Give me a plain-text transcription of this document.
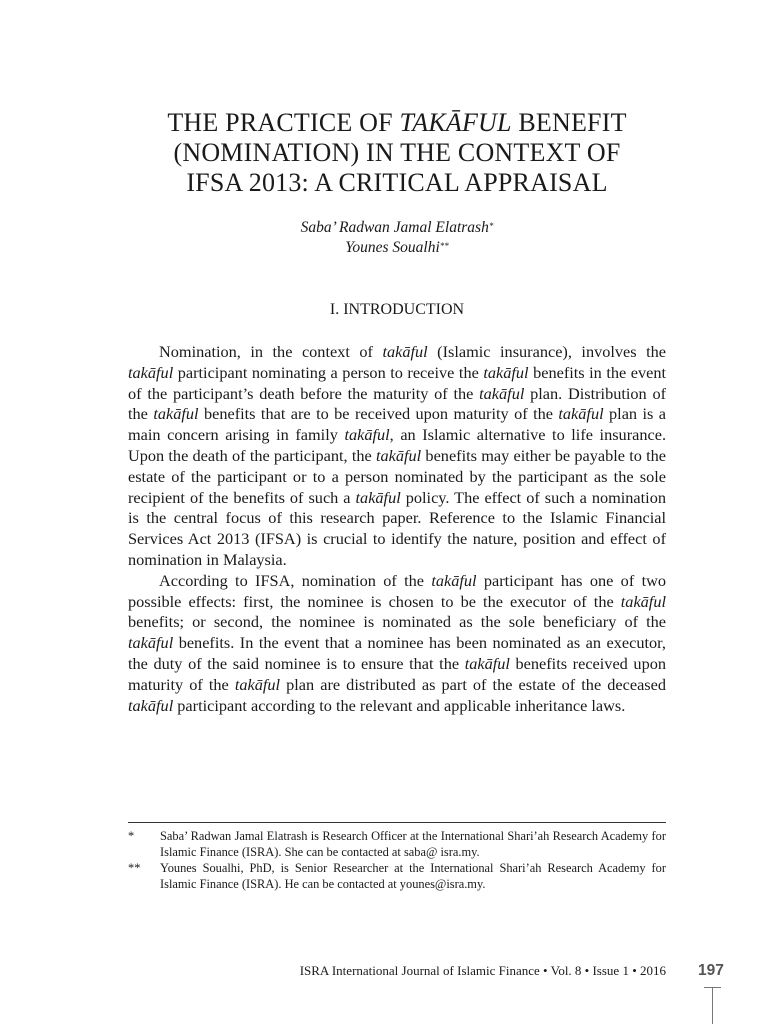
THE PRACTICE OF TAKĀFUL BENEFIT
(NOMINATION) IN THE CONTEXT OF
IFSA 2013: A CRITICAL APPRAISAL
Saba’ Radwan Jamal Elatrash*
Younes Soualhi**
I. INTRODUCTION

Nomination, in the context of takāful (Islamic insurance), involves the takāful participant nominating a person to receive the takāful benefits in the event of the participant’s death before the maturity of the takāful plan. Distribution of the takāful benefits that are to be received upon maturity of the takāful plan is a main concern arising in family takāful, an Islamic alternative to life insurance. Upon the death of the participant, the takāful benefits may either be payable to the estate of the participant or to a person nominated by the participant as the sole recipient of the benefits of such a takāful policy. The effect of such a nomination is the central focus of this research paper. Reference to the Islamic Financial Services Act 2013 (IFSA) is crucial to identify the nature, position and effect of nomination in Malaysia.

According to IFSA, nomination of the takāful participant has one of two possible effects: first, the nominee is chosen to be the executor of the takāful benefits; or second, the nominee is nominated as the sole beneficiary of the takāful benefits. In the event that a nominee has been nominated as an executor, the duty of the said nominee is to ensure that the takāful benefits received upon maturity of the takāful plan are distributed as part of the estate of the deceased takāful participant according to the relevant and applicable inheritance laws.

*	Saba’ Radwan Jamal Elatrash is Research Officer at the International Shari’ah Research Academy for Islamic Finance (ISRA). She can be contacted at saba@ isra.my.
**	Younes Soualhi, PhD, is Senior Researcher at the International Shari’ah Research Academy for Islamic Finance (ISRA). He can be contacted at younes@isra.my.
ISRA International Journal of Islamic Finance • Vol. 8 • Issue 1 • 2016 197
